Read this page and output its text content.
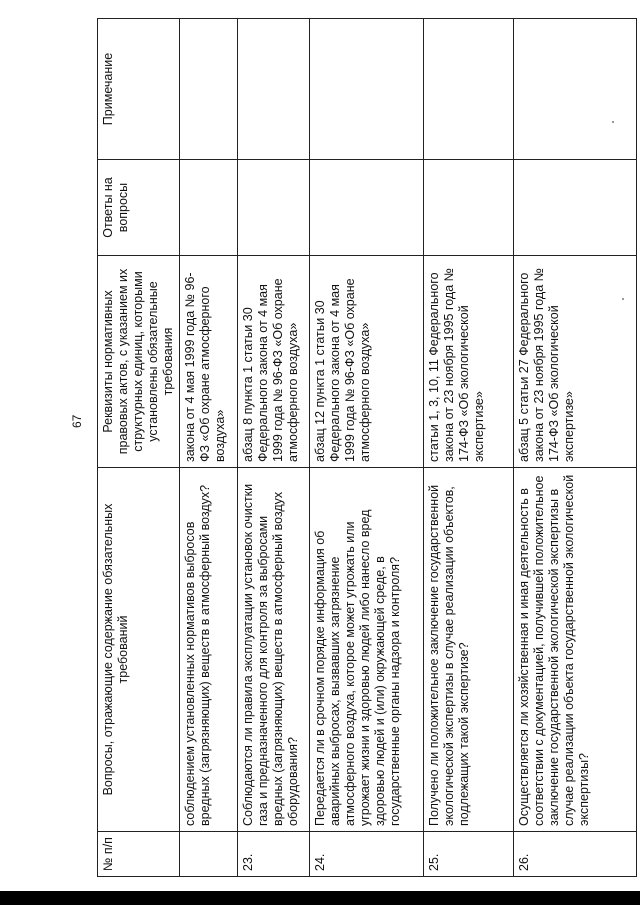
67
№ п/п	Вопросы, отражающие содержание обязательных требований	Реквизиты нормативных правовых актов, с указанием их структурных единиц, которыми установлены обязательные требования	Ответы на вопросы	Примечание
	соблюдением установленных нормативов выбросов вредных (загрязняющих) веществ в атмосферный воздух?	закона от 4 мая 1999 года № 96-ФЗ «Об охране атмосферного воздуха»		
23.	Соблюдаются ли правила эксплуатации установок очистки газа и предназначенного для контроля за выбросами вредных (загрязняющих) веществ в атмосферный воздух оборудования?	абзац 8 пункта 1 статьи 30 Федерального закона от 4 мая 1999 года № 96-ФЗ «Об охране атмосферного воздуха»		
24.	Передается ли в срочном порядке информация об аварийных выбросах, вызвавших загрязнение атмосферного воздуха, которое может угрожать или угрожает жизни и здоровью людей либо нанесло вред здоровью людей и (или) окружающей среде, в государственные органы надзора и контроля?	абзац 12 пункта 1 статьи 30 Федерального закона от 4 мая 1999 года № 96-ФЗ «Об охране атмосферного воздуха»		
25.	Получено ли положительное заключение государственной экологической экспертизы в случае реализации объектов, подлежащих такой экспертизе?	статьи 1, 3, 10, 11 Федерального закона от 23 ноября 1995 года № 174-ФЗ «Об экологической экспертизе»		
26.	Осуществляется ли хозяйственная и иная деятельность в соответствии с документацией, получившей положительное заключение государственной экологической экспертизы в случае реализации объекта государственной экологической экспертизы?	абзац 5 статьи 27 Федерального закона от 23 ноября 1995 года № 174-ФЗ «Об экологической экспертизе»		
